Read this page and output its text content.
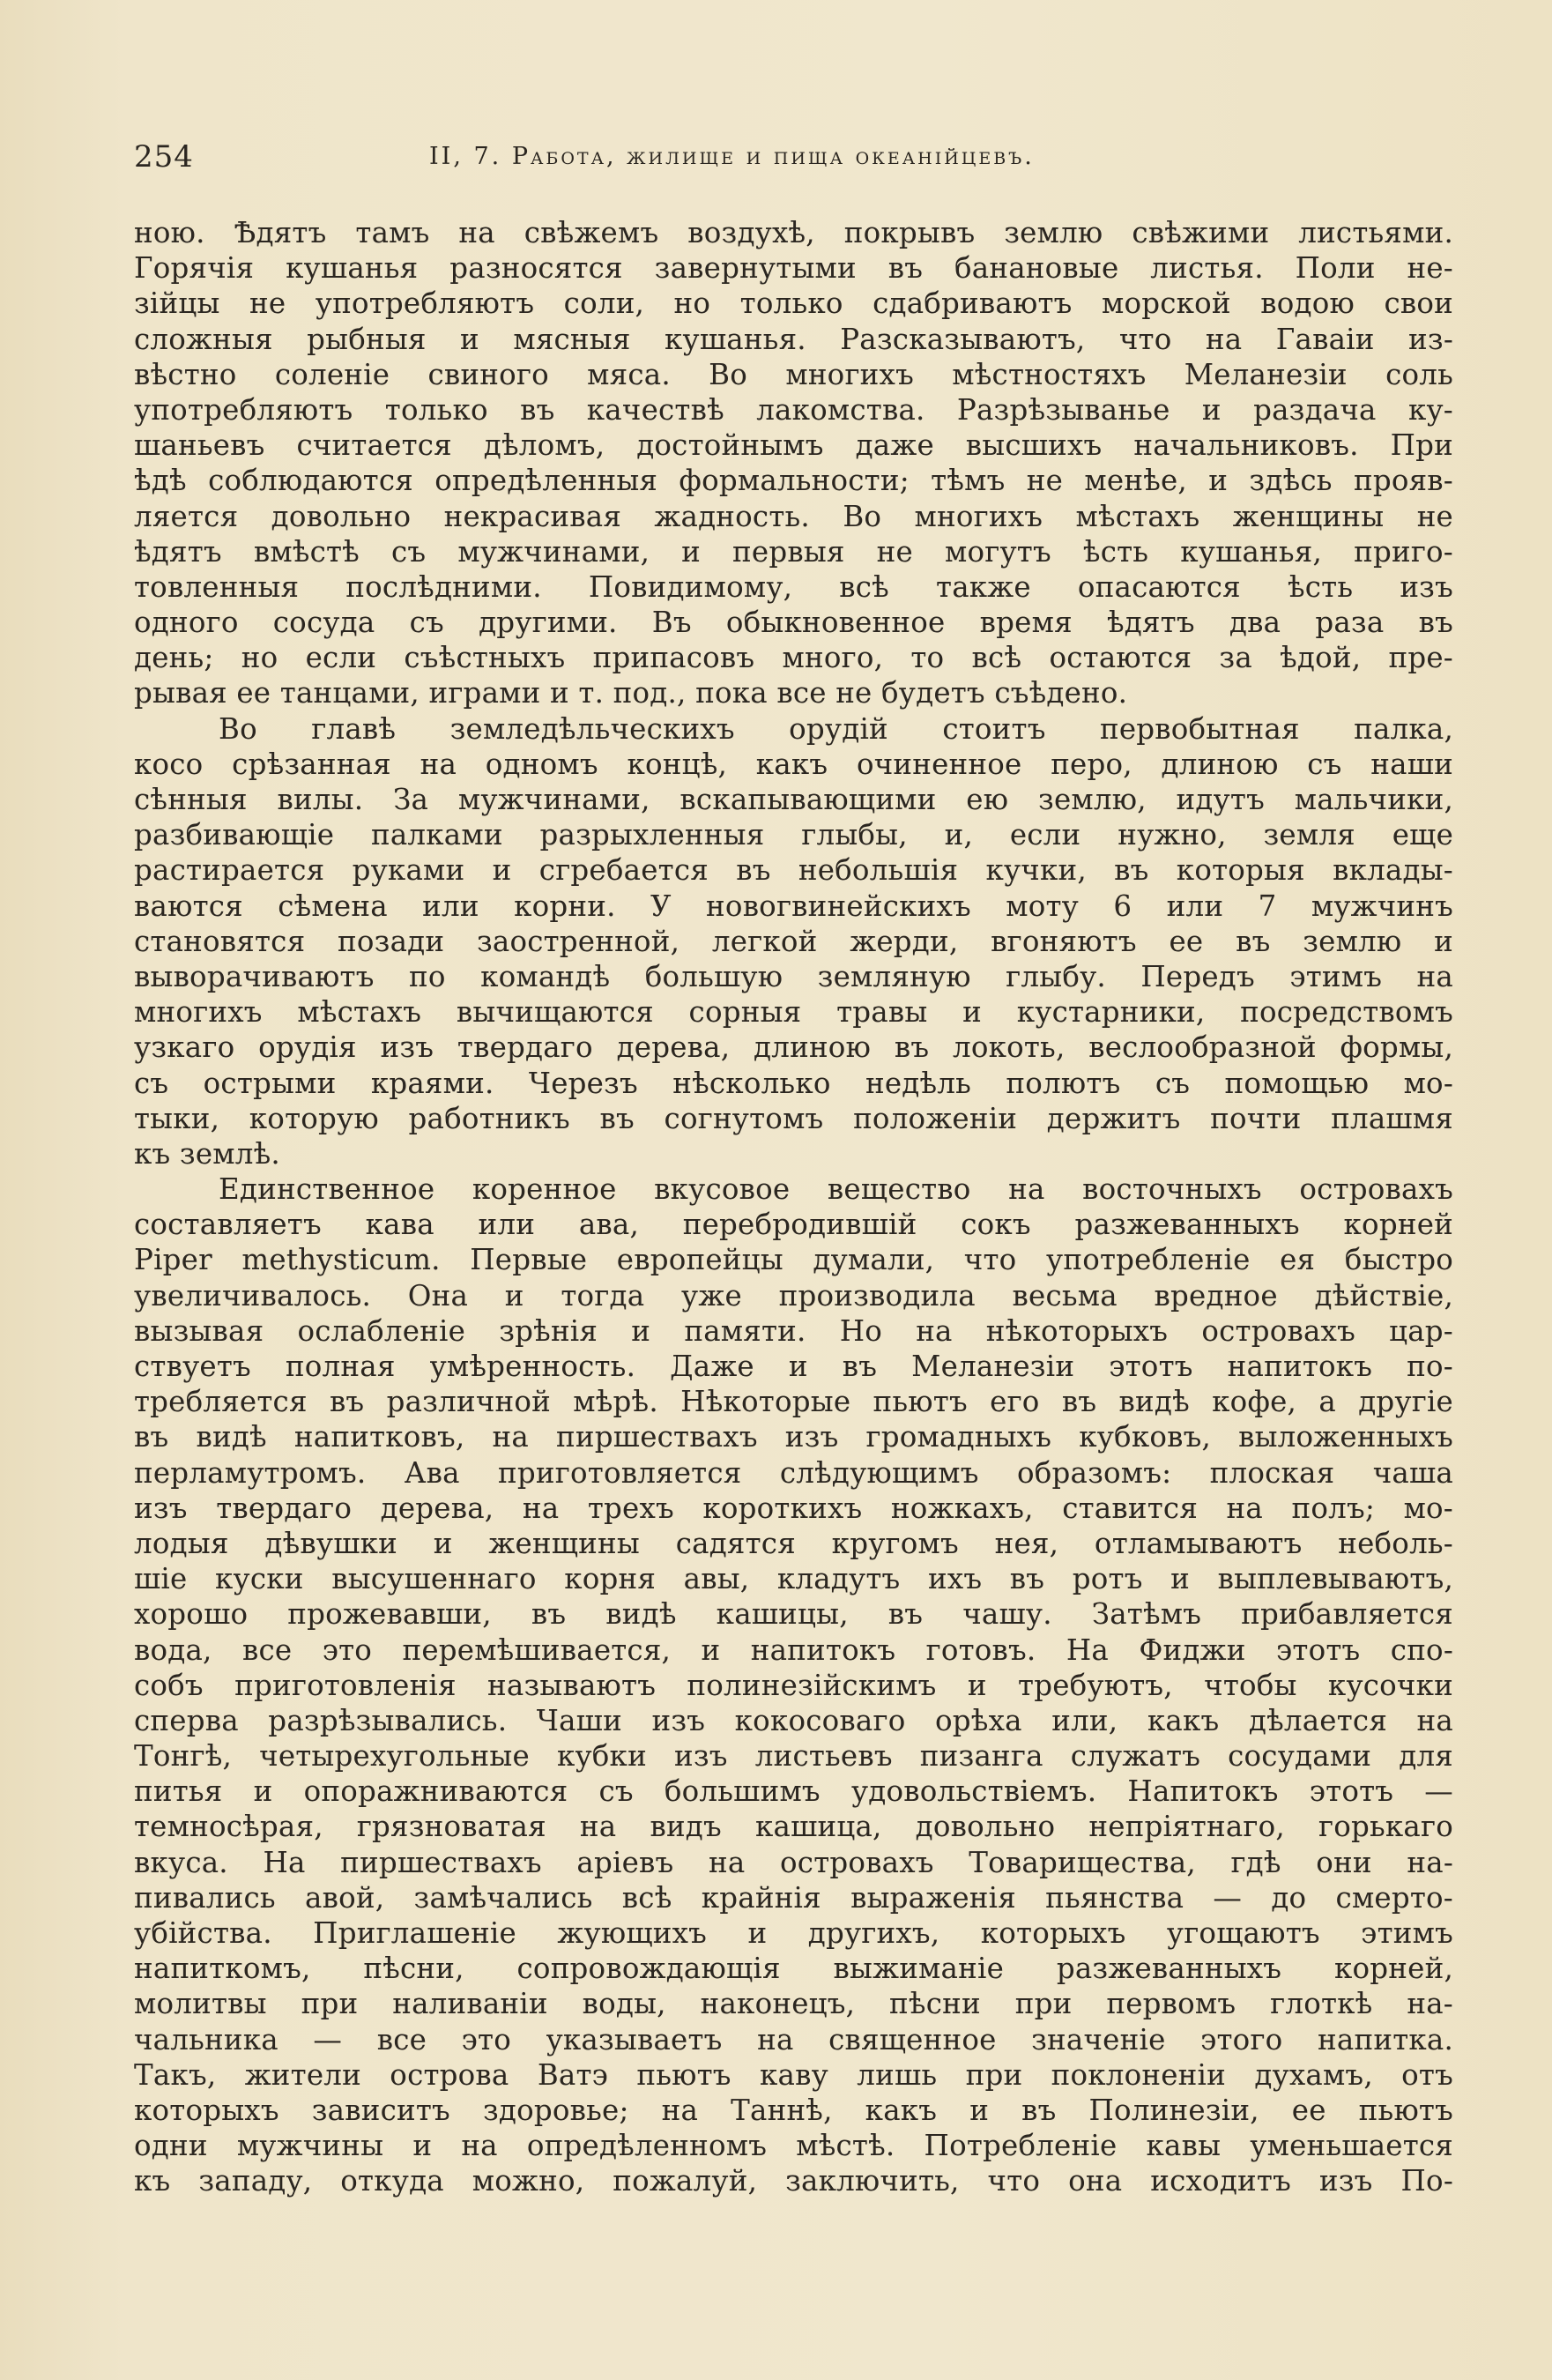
254	II, 7. Работа, жилище и пища океанійцевъ.
ною. Ѣдятъ тамъ на свѣжемъ воздухѣ, покрывъ землю свѣжими листьями.
Горячія кушанья разносятся завернутыми въ банановые листья. Поли не-
зійцы не употребляютъ соли, но только сдабриваютъ морской водою свои
сложныя рыбныя и мясныя кушанья. Разсказываютъ, что на Гаваіи из-
вѣстно соленіе свиного мяса. Во многихъ мѣстностяхъ Меланезіи соль
употребляютъ только въ качествѣ лакомства. Разрѣзыванье и раздача ку-
шаньевъ считается дѣломъ, достойнымъ даже высшихъ начальниковъ. При
ѣдѣ соблюдаются опредѣленныя формальности; тѣмъ не менѣе, и здѣсь прояв-
ляется довольно некрасивая жадность. Во многихъ мѣстахъ женщины не
ѣдятъ вмѣстѣ съ мужчинами, и первыя не могутъ ѣсть кушанья, приго-
товленныя послѣдними. Повидимому, всѣ также опасаются ѣсть изъ
одного сосуда съ другими. Въ обыкновенное время ѣдятъ два раза въ
день; но если съѣстныхъ припасовъ много, то всѣ остаются за ѣдой, пре-
рывая ее танцами, играми и т. под., пока все не будетъ съѣдено.
Во главѣ земледѣльческихъ орудій стоитъ первобытная палка,
косо срѣзанная на одномъ концѣ, какъ очиненное перо, длиною съ наши
сѣнныя вилы. За мужчинами, вскапывающими ею землю, идутъ мальчики,
разбивающіе палками разрыхленныя глыбы, и, если нужно, земля еще
растирается руками и сгребается въ небольшія кучки, въ которыя вклады-
ваются сѣмена или корни. У новогвинейскихъ моту 6 или 7 мужчинъ
становятся позади заостренной, легкой жерди, вгоняютъ ее въ землю и
выворачиваютъ по командѣ большую земляную глыбу. Передъ этимъ на
многихъ мѣстахъ вычищаются сорныя травы и кустарники, посредствомъ
узкаго орудія изъ твердаго дерева, длиною въ локоть, веслообразной формы,
съ острыми краями. Черезъ нѣсколько недѣль полютъ съ помощью мо-
тыки, которую работникъ въ согнутомъ положеніи держитъ почти плашмя
къ землѣ.
Единственное коренное вкусовое вещество на восточныхъ островахъ
составляетъ кава или ава, перебродившій сокъ разжеванныхъ корней
Piper methysticum. Первые европейцы думали, что употребленіе ея быстро
увеличивалось. Она и тогда уже производила весьма вредное дѣйствіе,
вызывая ослабленіе зрѣнія и памяти. Но на нѣкоторыхъ островахъ цар-
ствуетъ полная умѣренность. Даже и въ Меланезіи этотъ напитокъ по-
требляется въ различной мѣрѣ. Нѣкоторые пьютъ его въ видѣ кофе, а другіе
въ видѣ напитковъ, на пиршествахъ изъ громадныхъ кубковъ, выложенныхъ
перламутромъ. Ава приготовляется слѣдующимъ образомъ: плоская чаша
изъ твердаго дерева, на трехъ короткихъ ножкахъ, ставится на полъ; мо-
лодыя дѣвушки и женщины садятся кругомъ нея, отламываютъ неболь-
шіе куски высушеннаго корня авы, кладутъ ихъ въ ротъ и выплевываютъ,
хорошо прожевавши, въ видѣ кашицы, въ чашу. Затѣмъ прибавляется
вода, все это перемѣшивается, и напитокъ готовъ. На Фиджи этотъ спо-
собъ приготовленія называютъ полинезійскимъ и требуютъ, чтобы кусочки
сперва разрѣзывались. Чаши изъ кокосоваго орѣха или, какъ дѣлается на
Тонгѣ, четырехугольные кубки изъ листьевъ пизанга служатъ сосудами для
питья и опоражниваются съ большимъ удовольствіемъ. Напитокъ этотъ —
темносѣрая, грязноватая на видъ кашица, довольно непріятнаго, горькаго
вкуса. На пиршествахъ аріевъ на островахъ Товарищества, гдѣ они на-
пивались авой, замѣчались всѣ крайнія выраженія пьянства — до смерто-
убійства. Приглашеніе жующихъ и другихъ, которыхъ угощаютъ этимъ
напиткомъ, пѣсни, сопровождающія выжиманіе разжеванныхъ корней,
молитвы при наливаніи воды, наконецъ, пѣсни при первомъ глоткѣ на-
чальника — все это указываетъ на священное значеніе этого напитка.
Такъ, жители острова Ватэ пьютъ каву лишь при поклоненіи духамъ, отъ
которыхъ зависитъ здоровье; на Таннѣ, какъ и въ Полинезіи, ее пьютъ
одни мужчины и на опредѣленномъ мѣстѣ. Потребленіе кавы уменьшается
къ западу, откуда можно, пожалуй, заключить, что она исходитъ изъ По-
